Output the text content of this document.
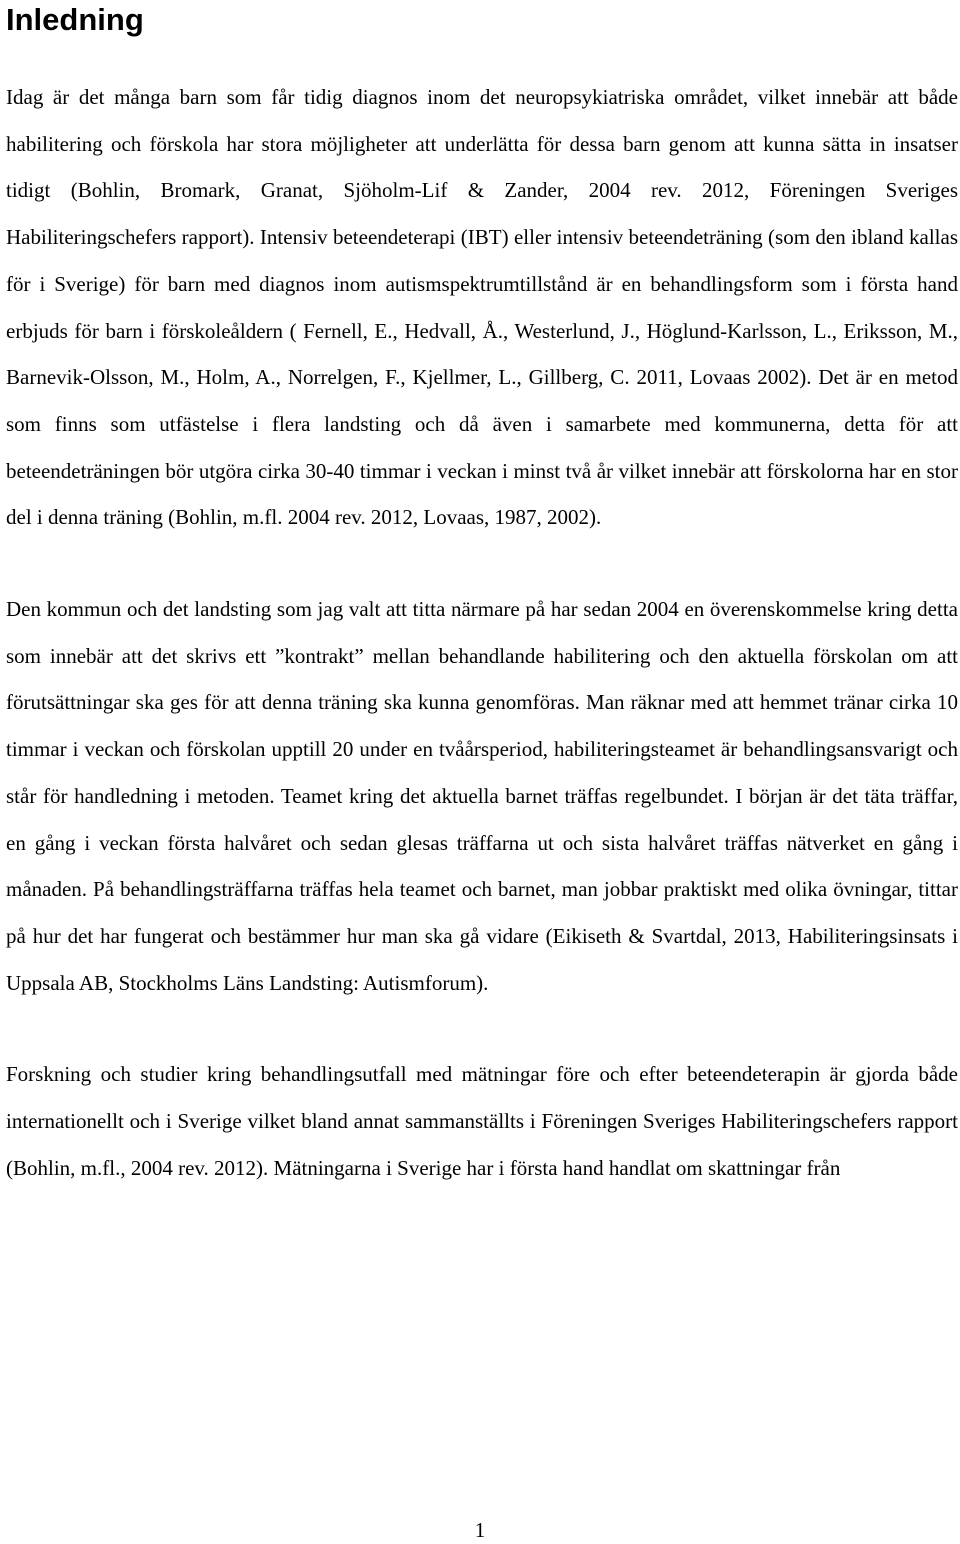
Inledning

Idag är det många barn som får tidig diagnos inom det neuropsykiatriska området, vilket innebär att både habilitering och förskola har stora möjligheter att underlätta för dessa barn genom att kunna sätta in insatser tidigt (Bohlin, Bromark, Granat, Sjöholm-Lif & Zander, 2004 rev. 2012, Föreningen Sveriges Habiliteringschefers rapport). Intensiv beteendeterapi (IBT) eller intensiv beteendeträning (som den ibland kallas för i Sverige) för barn med diagnos inom autismspektrumtillstånd är en behandlingsform som i första hand erbjuds för barn i förskoleåldern ( Fernell, E., Hedvall, Å., Westerlund, J., Höglund-Karlsson, L., Eriksson, M., Barnevik-Olsson, M., Holm, A., Norrelgen, F., Kjellmer, L., Gillberg, C. 2011, Lovaas 2002). Det är en metod som finns som utfästelse i flera landsting och då även i samarbete med kommunerna, detta för att beteendeträningen bör utgöra cirka 30-40 timmar i veckan i minst två år vilket innebär att förskolorna har en stor del i denna träning (Bohlin, m.fl. 2004 rev. 2012, Lovaas, 1987, 2002).

Den kommun och det landsting som jag valt att titta närmare på har sedan 2004 en överenskommelse kring detta som innebär att det skrivs ett ”kontrakt” mellan behandlande habilitering och den aktuella förskolan om att förutsättningar ska ges för att denna träning ska kunna genomföras. Man räknar med att hemmet tränar cirka 10 timmar i veckan och förskolan upptill 20 under en tvåårsperiod, habiliteringsteamet är behandlingsansvarigt och står för handledning i metoden. Teamet kring det aktuella barnet träffas regelbundet. I början är det täta träffar, en gång i veckan första halvåret och sedan glesas träffarna ut och sista halvåret träffas nätverket en gång i månaden. På behandlingsträffarna träffas hela teamet och barnet, man jobbar praktiskt med olika övningar, tittar på hur det har fungerat och bestämmer hur man ska gå vidare (Eikiseth & Svartdal, 2013, Habiliteringsinsats i Uppsala AB, Stockholms Läns Landsting: Autismforum).

Forskning och studier kring behandlingsutfall med mätningar före och efter beteendeterapin är gjorda både internationellt och i Sverige vilket bland annat sammanställts i Föreningen Sveriges Habiliteringschefers rapport (Bohlin, m.fl., 2004 rev. 2012). Mätningarna i Sverige har i första hand handlat om skattningar från

1
